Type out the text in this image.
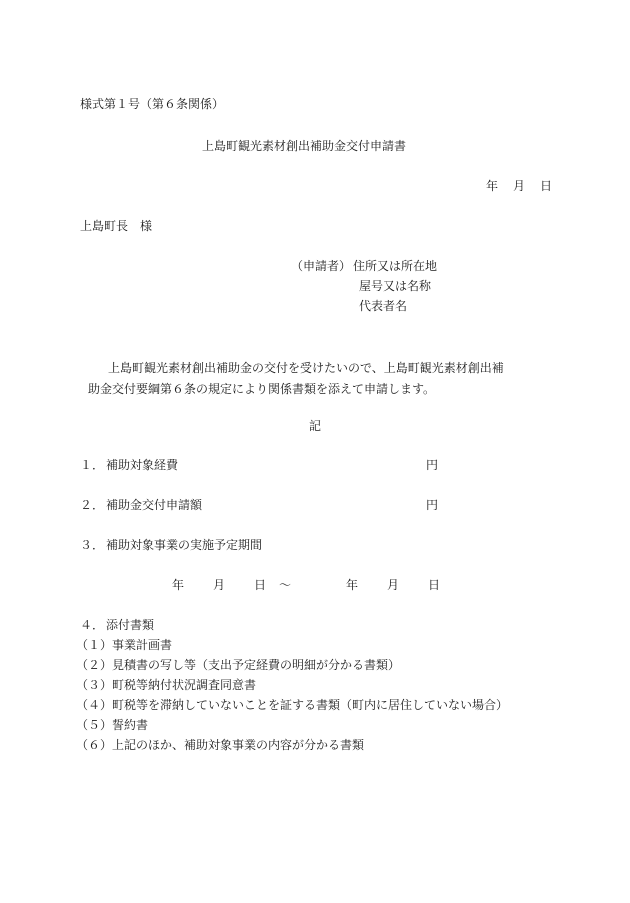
様式第１号（第６条関係）
上島町観光素材創出補助金交付申請書
年 月 日
上島町長　様
（申請者） 住所又は所在地
屋号又は名称
代表者名
上島町観光素材創出補助金の交付を受けたいので、上島町観光素材創出補
助金交付要綱第６条の規定により関係書類を添えて申請します。
記
１． 補助対象経費	円
２． 補助金交付申請額	円
３． 補助対象事業の実施予定期間
年 月 日 ～	年 月 日
４． 添付書類
（１）事業計画書
（２）見積書の写し等（支出予定経費の明細が分かる書類）
（３）町税等納付状況調査同意書
（４）町税等を滞納していないことを証する書類（町内に居住していない場合）
（５）誓約書
（６）上記のほか、補助対象事業の内容が分かる書類
